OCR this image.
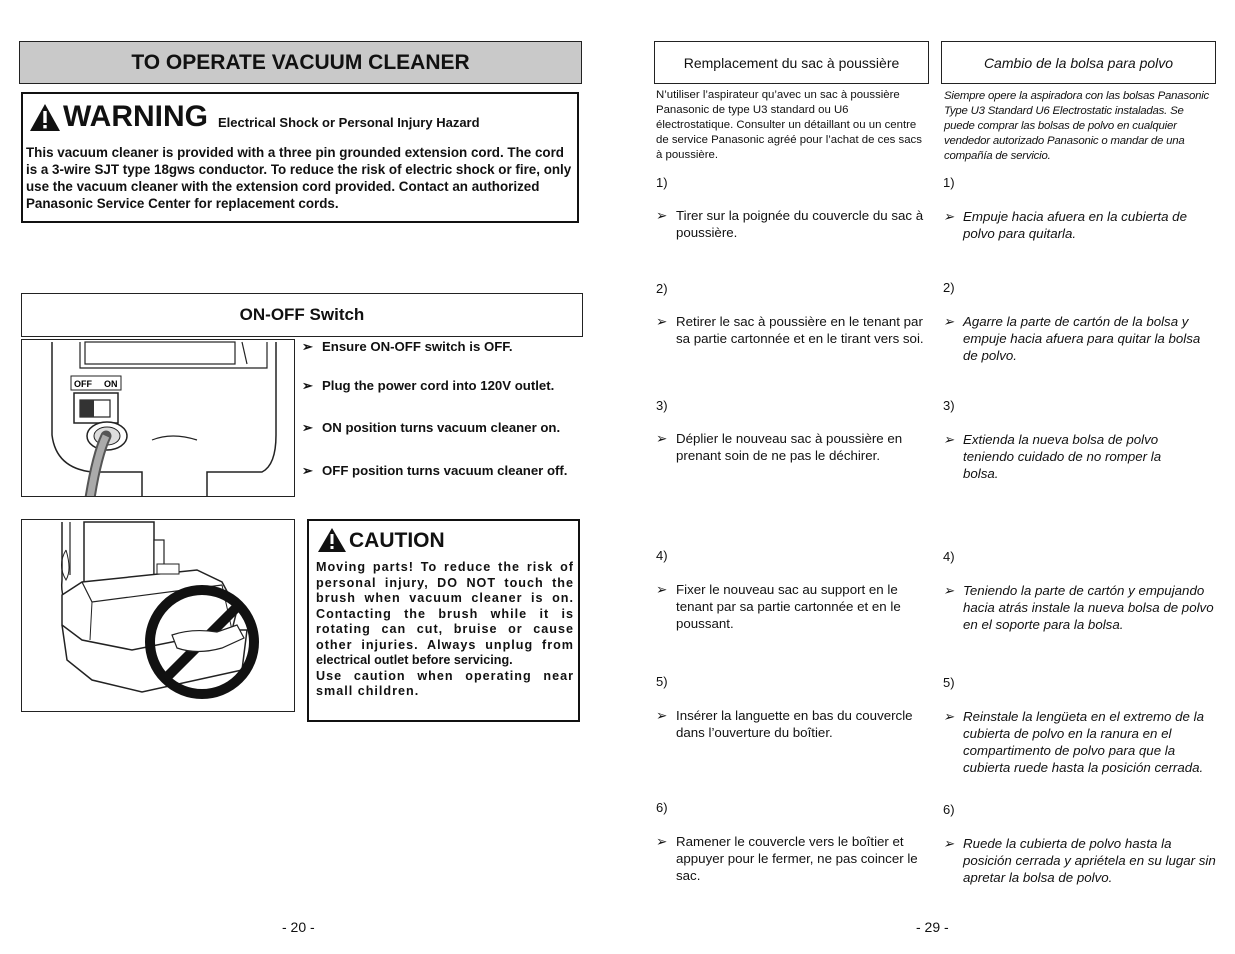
TO OPERATE VACUUM CLEANER
WARNING Electrical Shock or Personal Injury Hazard
This vacuum cleaner is provided with a three pin grounded extension cord. The cord is a 3-wire SJT type 18gws conductor. To reduce the risk of electric shock or fire, only use the vacuum cleaner with the extension cord provided. Contact an authorized Panasonic Service Center for replacement cords.
ON-OFF Switch
OFF ON
➢ Ensure ON-OFF switch is OFF.
➢ Plug the power cord into 120V outlet.
➢ ON position turns vacuum cleaner on.
➢ OFF position turns vacuum cleaner off.
CAUTION
Moving parts! To reduce the risk of personal injury, DO NOT touch the brush when vacuum cleaner is on. Contacting the brush while it is rotating can cut, bruise or cause other injuries. Always unplug from electrical outlet before servicing.
Use caution when operating near small children.
- 20 -
Remplacement du sac à poussière	Cambio de la bolsa para polvo
N’utiliser l’aspirateur qu’avec un sac à poussière Panasonic de type U3 standard ou U6 électrostatique. Consulter un détaillant ou un centre de service Panasonic agréé pour l’achat de ces sacs à poussière.
Siempre opere la aspiradora con las bolsas Panasonic Type U3 Standard U6 Electrostatic instaladas. Se puede comprar las bolsas de polvo en cualquier vendedor autorizado Panasonic o mandar de una compañía de servicio.
1)
➢ Tirer sur la poignée du couvercle du sac à poussière.
2)
➢ Retirer le sac à poussière en le tenant par sa partie cartonnée et en le tirant vers soi.
3)
➢ Déplier le nouveau sac à poussière en prenant soin de ne pas le déchirer.
4)
➢ Fixer le nouveau sac au support en le tenant par sa partie cartonnée et en le poussant.
5)
➢ Insérer la languette en bas du couvercle dans l’ouverture du boîtier.
6)
➢ Ramener le couvercle vers le boîtier et appuyer pour le fermer, ne pas coincer le sac.
1)
➢ Empuje hacia afuera en la cubierta de polvo para quitarla.
2)
➢ Agarre la parte de cartón de la bolsa y empuje hacia afuera para quitar la bolsa de polvo.
3)
➢ Extienda la nueva bolsa de polvo teniendo cuidado de no romper la bolsa.
4)
➢ Teniendo la parte de cartón y empujando hacia atrás instale la nueva bolsa de polvo en el soporte para la bolsa.
5)
➢ Reinstale la lengüeta en el extremo de la cubierta de polvo en la ranura en el compartimento de polvo para que la cubierta ruede hasta la posición cerrada.
6)
➢ Ruede la cubierta de polvo hasta la posición cerrada y apriételа en su lugar sin apretar la bolsa de polvo.
- 29 -
